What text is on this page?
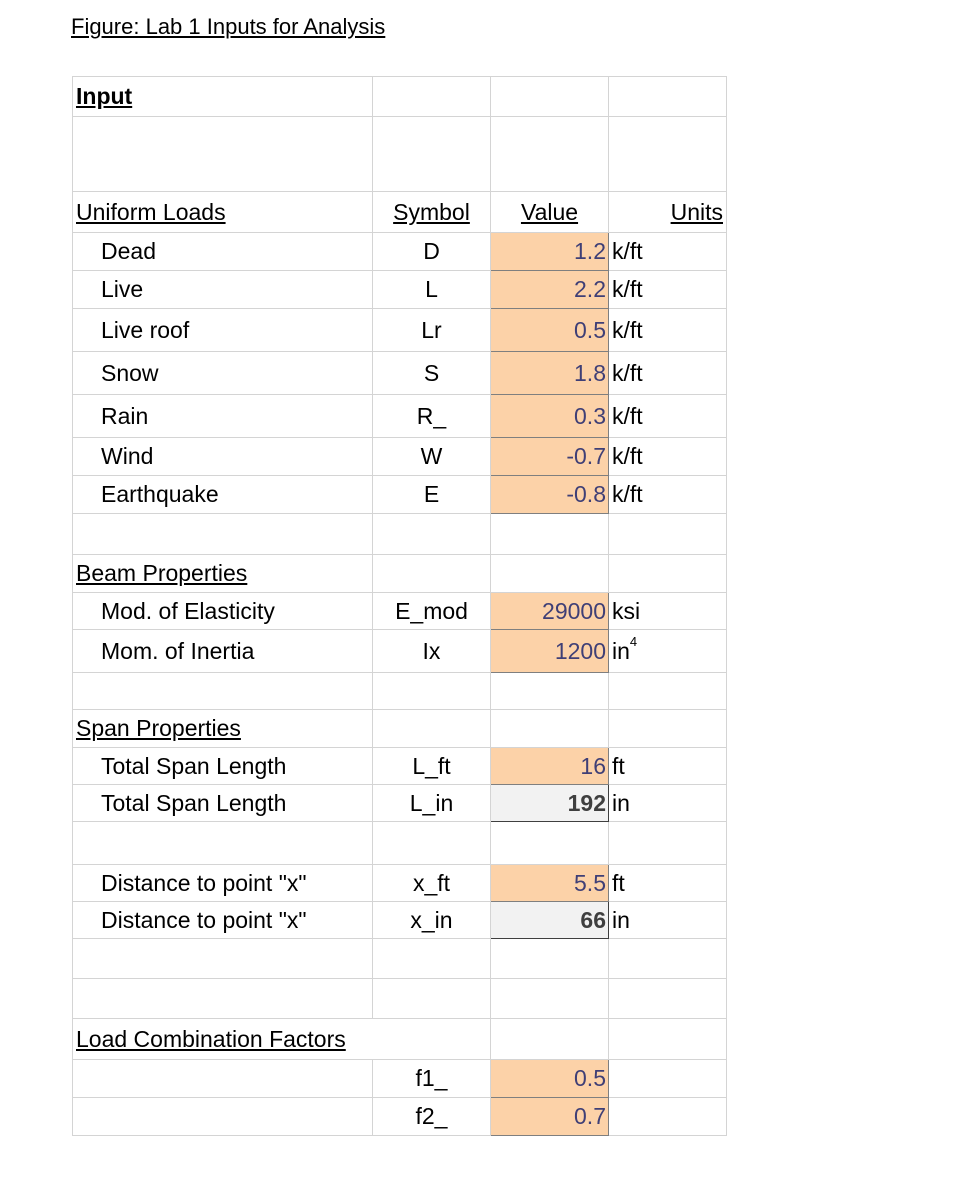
Figure: Lab 1 Inputs for Analysis
Input			

Uniform Loads	Symbol	Value	Units
Dead	D	1.2	k/ft
Live	L	2.2	k/ft
Live roof	Lr	0.5	k/ft
Snow	S	1.8	k/ft
Rain	R_	0.3	k/ft
Wind	W	-0.7	k/ft
Earthquake	E	-0.8	k/ft

Beam Properties			
Mod. of Elasticity	E_mod	29000	ksi
Mom. of Inertia	Ix	1200	$in^4$

Span Properties			
Total Span Length	L_ft	16	ft
Total Span Length	L_in	192	in

Distance to point "x"	x_ft	5.5	ft
Distance to point "x"	x_in	66	in

Load Combination Factors			
	f1_	0.5	
	f2_	0.7	
